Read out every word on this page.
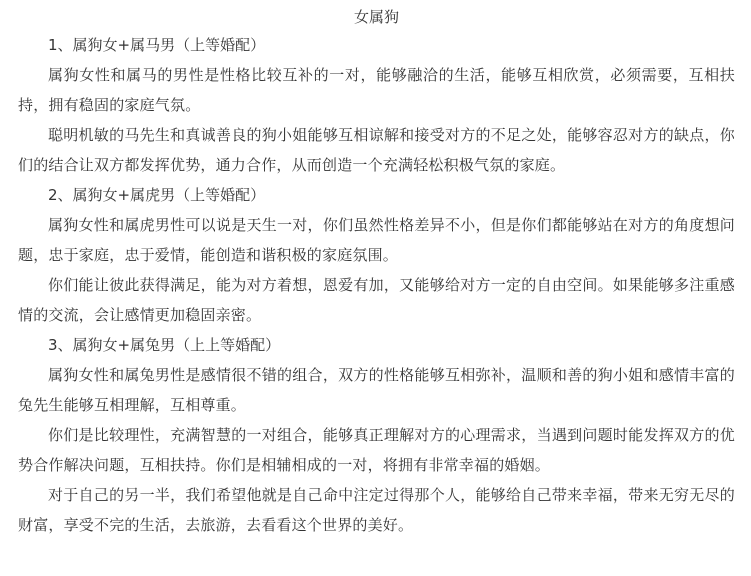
女属狗

1、属狗女+属马男（上等婚配）

属狗女性和属马的男性是性格比较互补的一对，能够融洽的生活，能够互相欣赏，必须需要，互相扶持，拥有稳固的家庭气氛。

聪明机敏的马先生和真诚善良的狗小姐能够互相谅解和接受对方的不足之处，能够容忍对方的缺点，你们的结合让双方都发挥优势，通力合作，从而创造一个充满轻松积极气氛的家庭。

2、属狗女+属虎男（上等婚配）

属狗女性和属虎男性可以说是天生一对，你们虽然性格差异不小，但是你们都能够站在对方的角度想问题，忠于家庭，忠于爱情，能创造和谐积极的家庭氛围。

你们能让彼此获得满足，能为对方着想，恩爱有加，又能够给对方一定的自由空间。如果能够多注重感情的交流，会让感情更加稳固亲密。

3、属狗女+属兔男（上上等婚配）

属狗女性和属兔男性是感情很不错的组合，双方的性格能够互相弥补，温顺和善的狗小姐和感情丰富的兔先生能够互相理解，互相尊重。

你们是比较理性，充满智慧的一对组合，能够真正理解对方的心理需求，当遇到问题时能发挥双方的优势合作解决问题，互相扶持。你们是相辅相成的一对，将拥有非常幸福的婚姻。

对于自己的另一半，我们希望他就是自己命中注定过得那个人，能够给自己带来幸福，带来无穷无尽的财富，享受不完的生活，去旅游，去看看这个世界的美好。
